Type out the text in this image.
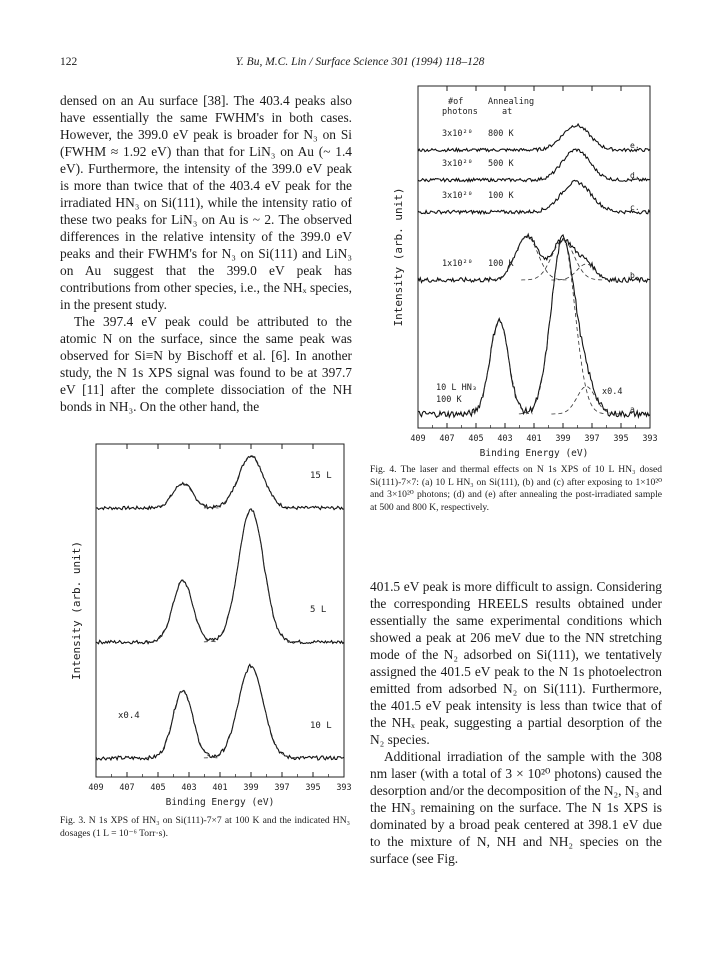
122	Y. Bu, M.C. Lin / Surface Science 301 (1994) 118–128

densed on an Au surface [38]. The 403.4 peaks also have essentially the same FWHM's in both cases. However, the 399.0 eV peak is broader for N₃ on Si (FWHM ≈ 1.92 eV) than that for LiN₃ on Au (~ 1.4 eV). Furthermore, the intensity of the 399.0 eV peak is more than twice that of the 403.4 eV peak for the irradiated HN₃ on Si(111), while the intensity ratio of these two peaks for LiN₃ on Au is ~ 2. The observed differences in the relative intensity of the 399.0 eV peaks and their FWHM's for N₃ on Si(111) and LiN₃ on Au suggest that the 399.0 eV peak has contributions from other species, i.e., the NHₓ species, in the present study.

The 397.4 eV peak could be attributed to the atomic N on the surface, since the same peak was observed for Si≡N by Bischoff et al. [6]. In another study, the N 1s XPS signal was found to be at 397.7 eV [11] after the complete dissociation of the NH bonds in NH₃. On the other hand, the

409 407 405 403 401 399 397 395 393
Binding Energy (eV)
Intensity (arb. unit)
15 L
5 L
10 L
x0.4
Fig. 3. N 1s XPS of HN₃ on Si(111)-7×7 at 100 K and the indicated HN₃ dosages (1 L = 10⁻⁶ Torr·s).
409 407 405 403 401 399 397 395 393
Binding Energy (eV)
Intensity (arb. unit)
#of
photons
Annealing
at
e.
3x10²⁰ 800 K
d.
3x10²⁰ 500 K
c.
3x10²⁰ 100 K
b.
1x10²⁰ 100 K
a.
10 L HN₃
100 K
x0.4
Fig. 4. The laser and thermal effects on N 1s XPS of 10 L HN₃ dosed Si(111)-7×7: (a) 10 L HN₃ on Si(111), (b) and (c) after exposing to 1×10²⁰ and 3×10²⁰ photons; (d) and (e) after annealing the post-irradiated sample at 500 and 800 K, respectively.

401.5 eV peak is more difficult to assign. Considering the corresponding HREELS results obtained under essentially the same experimental conditions which showed a peak at 206 meV due to the NN stretching mode of the N₂ adsorbed on Si(111), we tentatively assigned the 401.5 eV peak to the N 1s photoelectron emitted from adsorbed N₂ on Si(111). Furthermore, the 401.5 eV peak intensity is less than twice that of the NHₓ peak, suggesting a partial desorption of the N₂ species.

Additional irradiation of the sample with the 308 nm laser (with a total of 3 × 10²⁰ photons) caused the desorption and/or the decomposition of the N₂, N₃ and the HN₃ remaining on the surface. The N 1s XPS is dominated by a broad peak centered at 398.1 eV due to the mixture of N, NH and NH₂ species on the surface (see Fig.
